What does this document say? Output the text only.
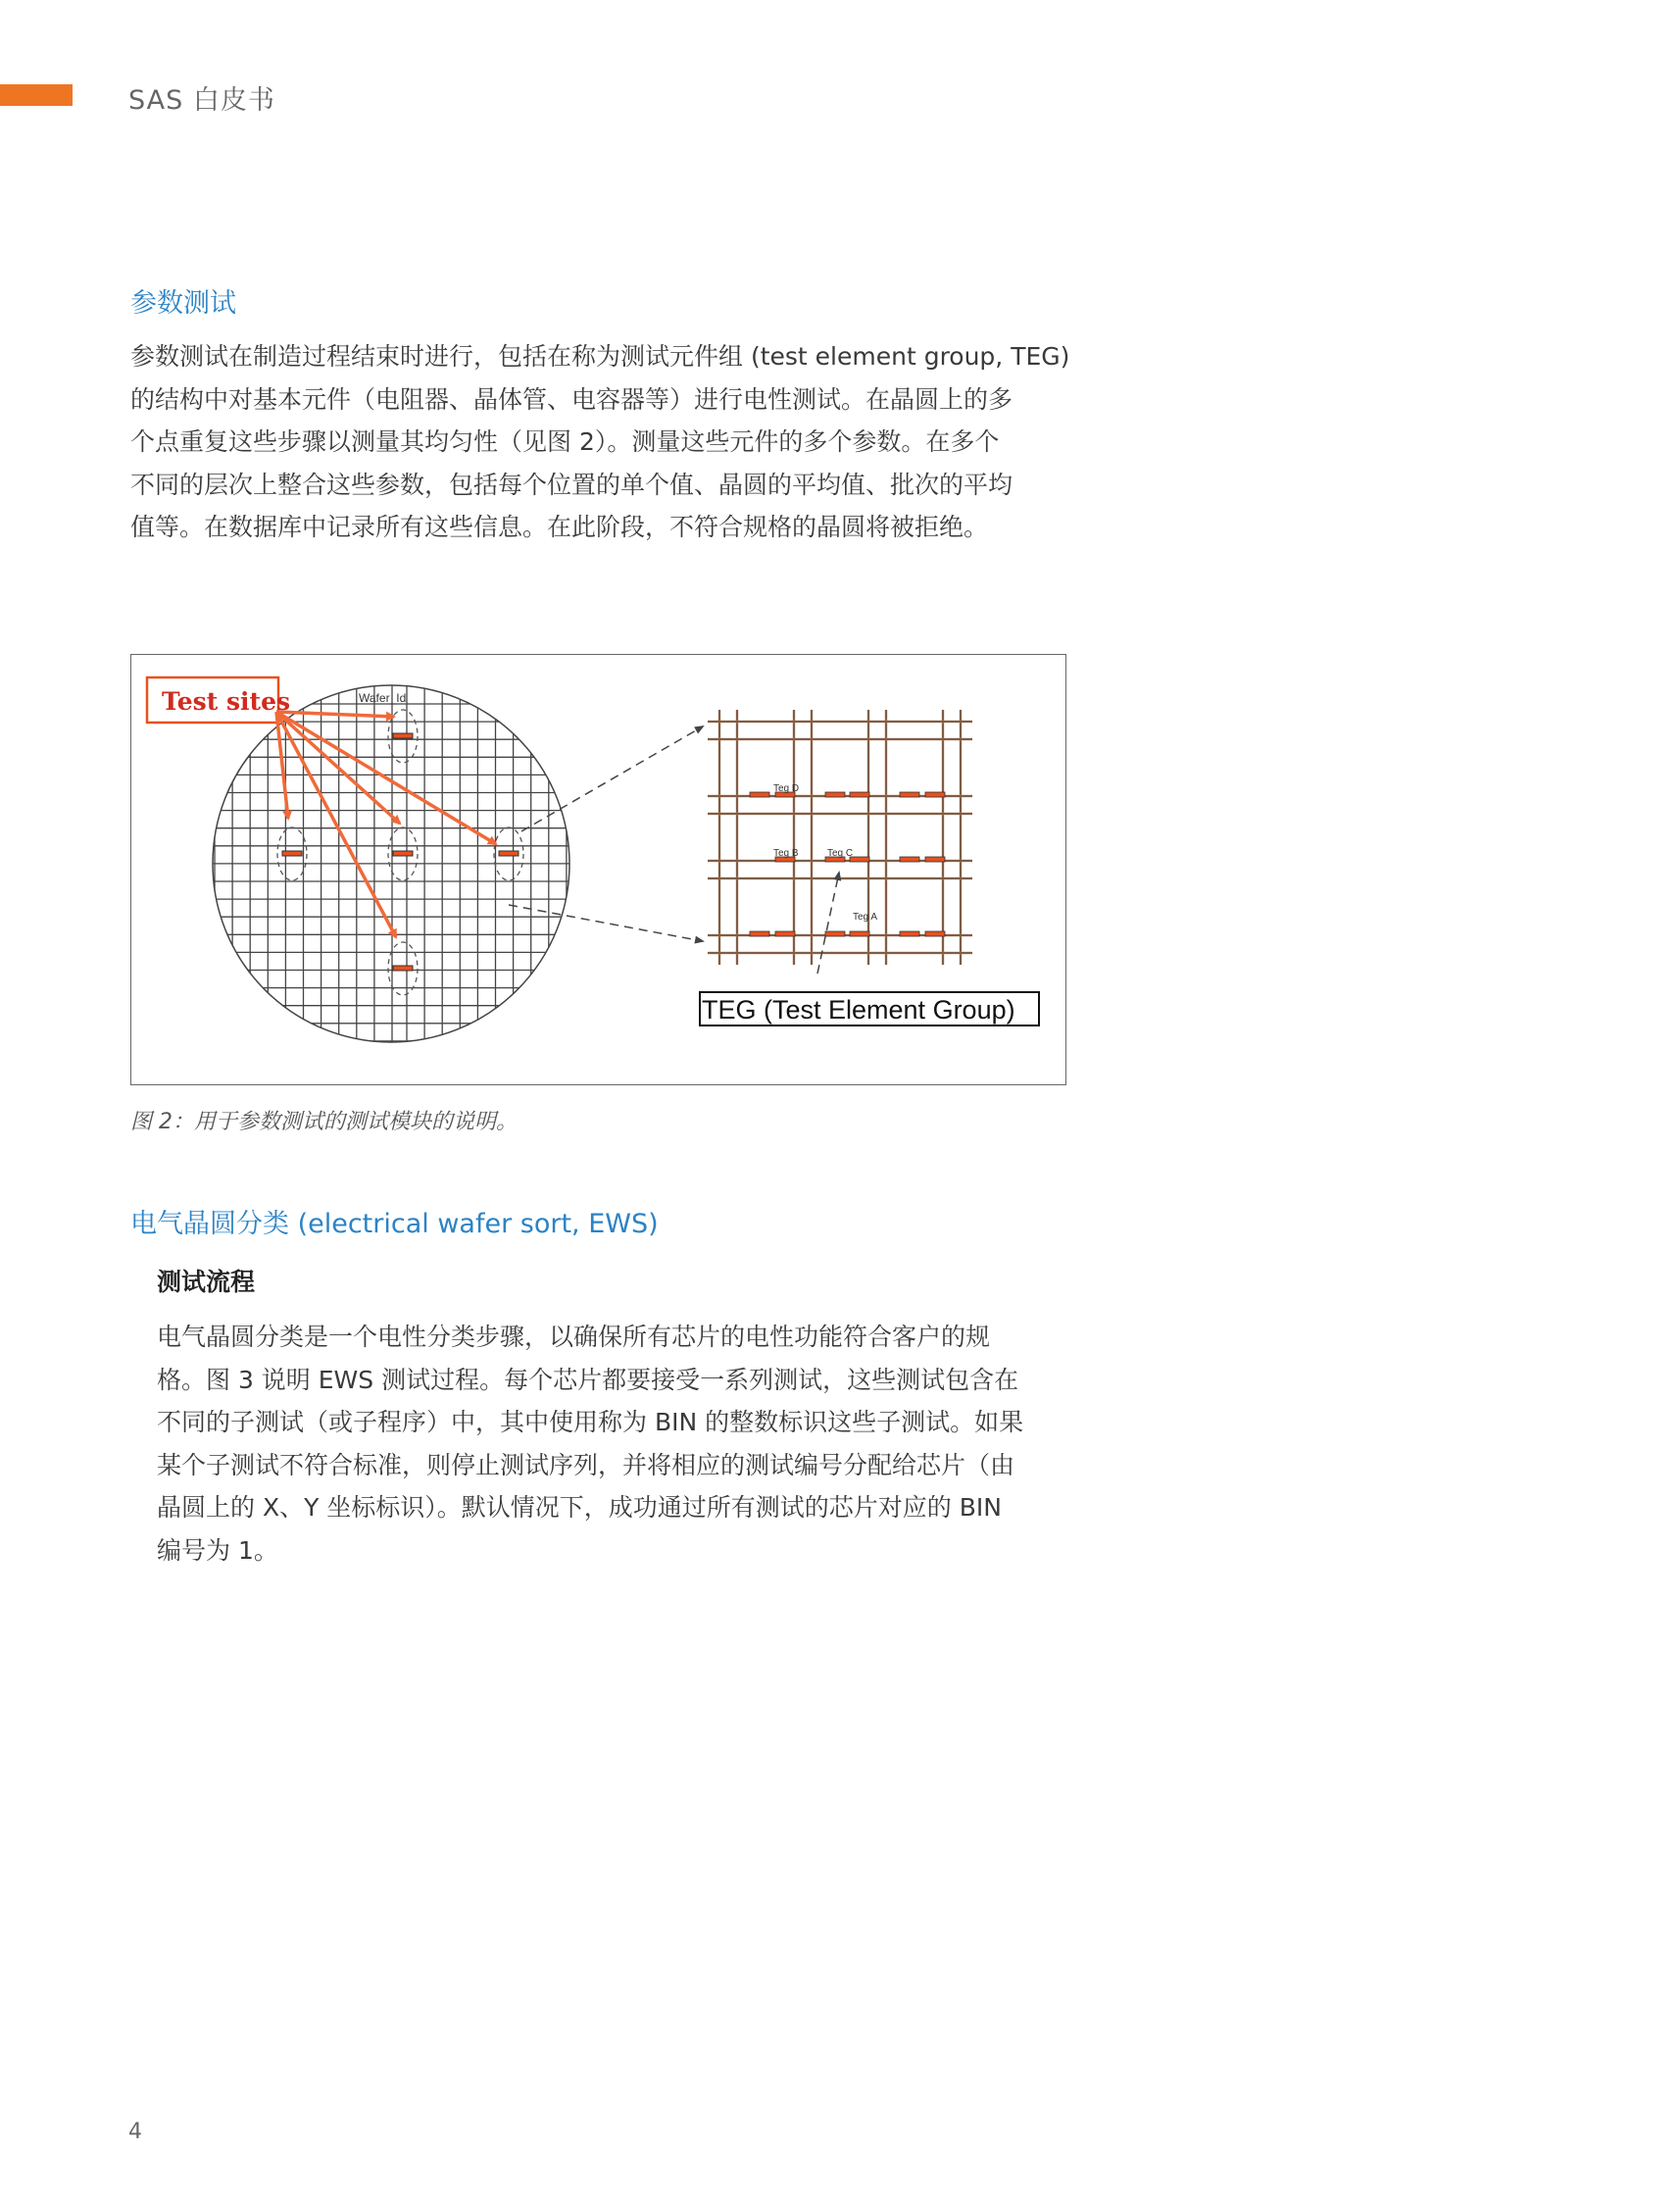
SAS 白皮书
参数测试
参数测试在制造过程结束时进行，包括在称为测试元件组 (test element group, TEG)
的结构中对基本元件（电阻器、晶体管、电容器等）进行电性测试。在晶圆上的多
个点重复这些步骤以测量其均匀性（见图 2）。测量这些元件的多个参数。在多个
不同的层次上整合这些参数，包括每个位置的单个值、晶圆的平均值、批次的平均
值等。在数据库中记录所有这些信息。在此阶段，不符合规格的晶圆将被拒绝。
Wafer_Id
Test sites
Teg D
Teg B	Teg C
Teg A
TEG (Test Element Group)
图 2：用于参数测试的测试模块的说明。
电气晶圆分类 (electrical wafer sort, EWS)
测试流程
电气晶圆分类是一个电性分类步骤，以确保所有芯片的电性功能符合客户的规
格。图 3 说明 EWS 测试过程。每个芯片都要接受一系列测试，这些测试包含在
不同的子测试（或子程序）中，其中使用称为 BIN 的整数标识这些子测试。如果
某个子测试不符合标准，则停止测试序列，并将相应的测试编号分配给芯片（由
晶圆上的 X、Y 坐标标识）。默认情况下，成功通过所有测试的芯片对应的 BIN
编号为 1。
4
